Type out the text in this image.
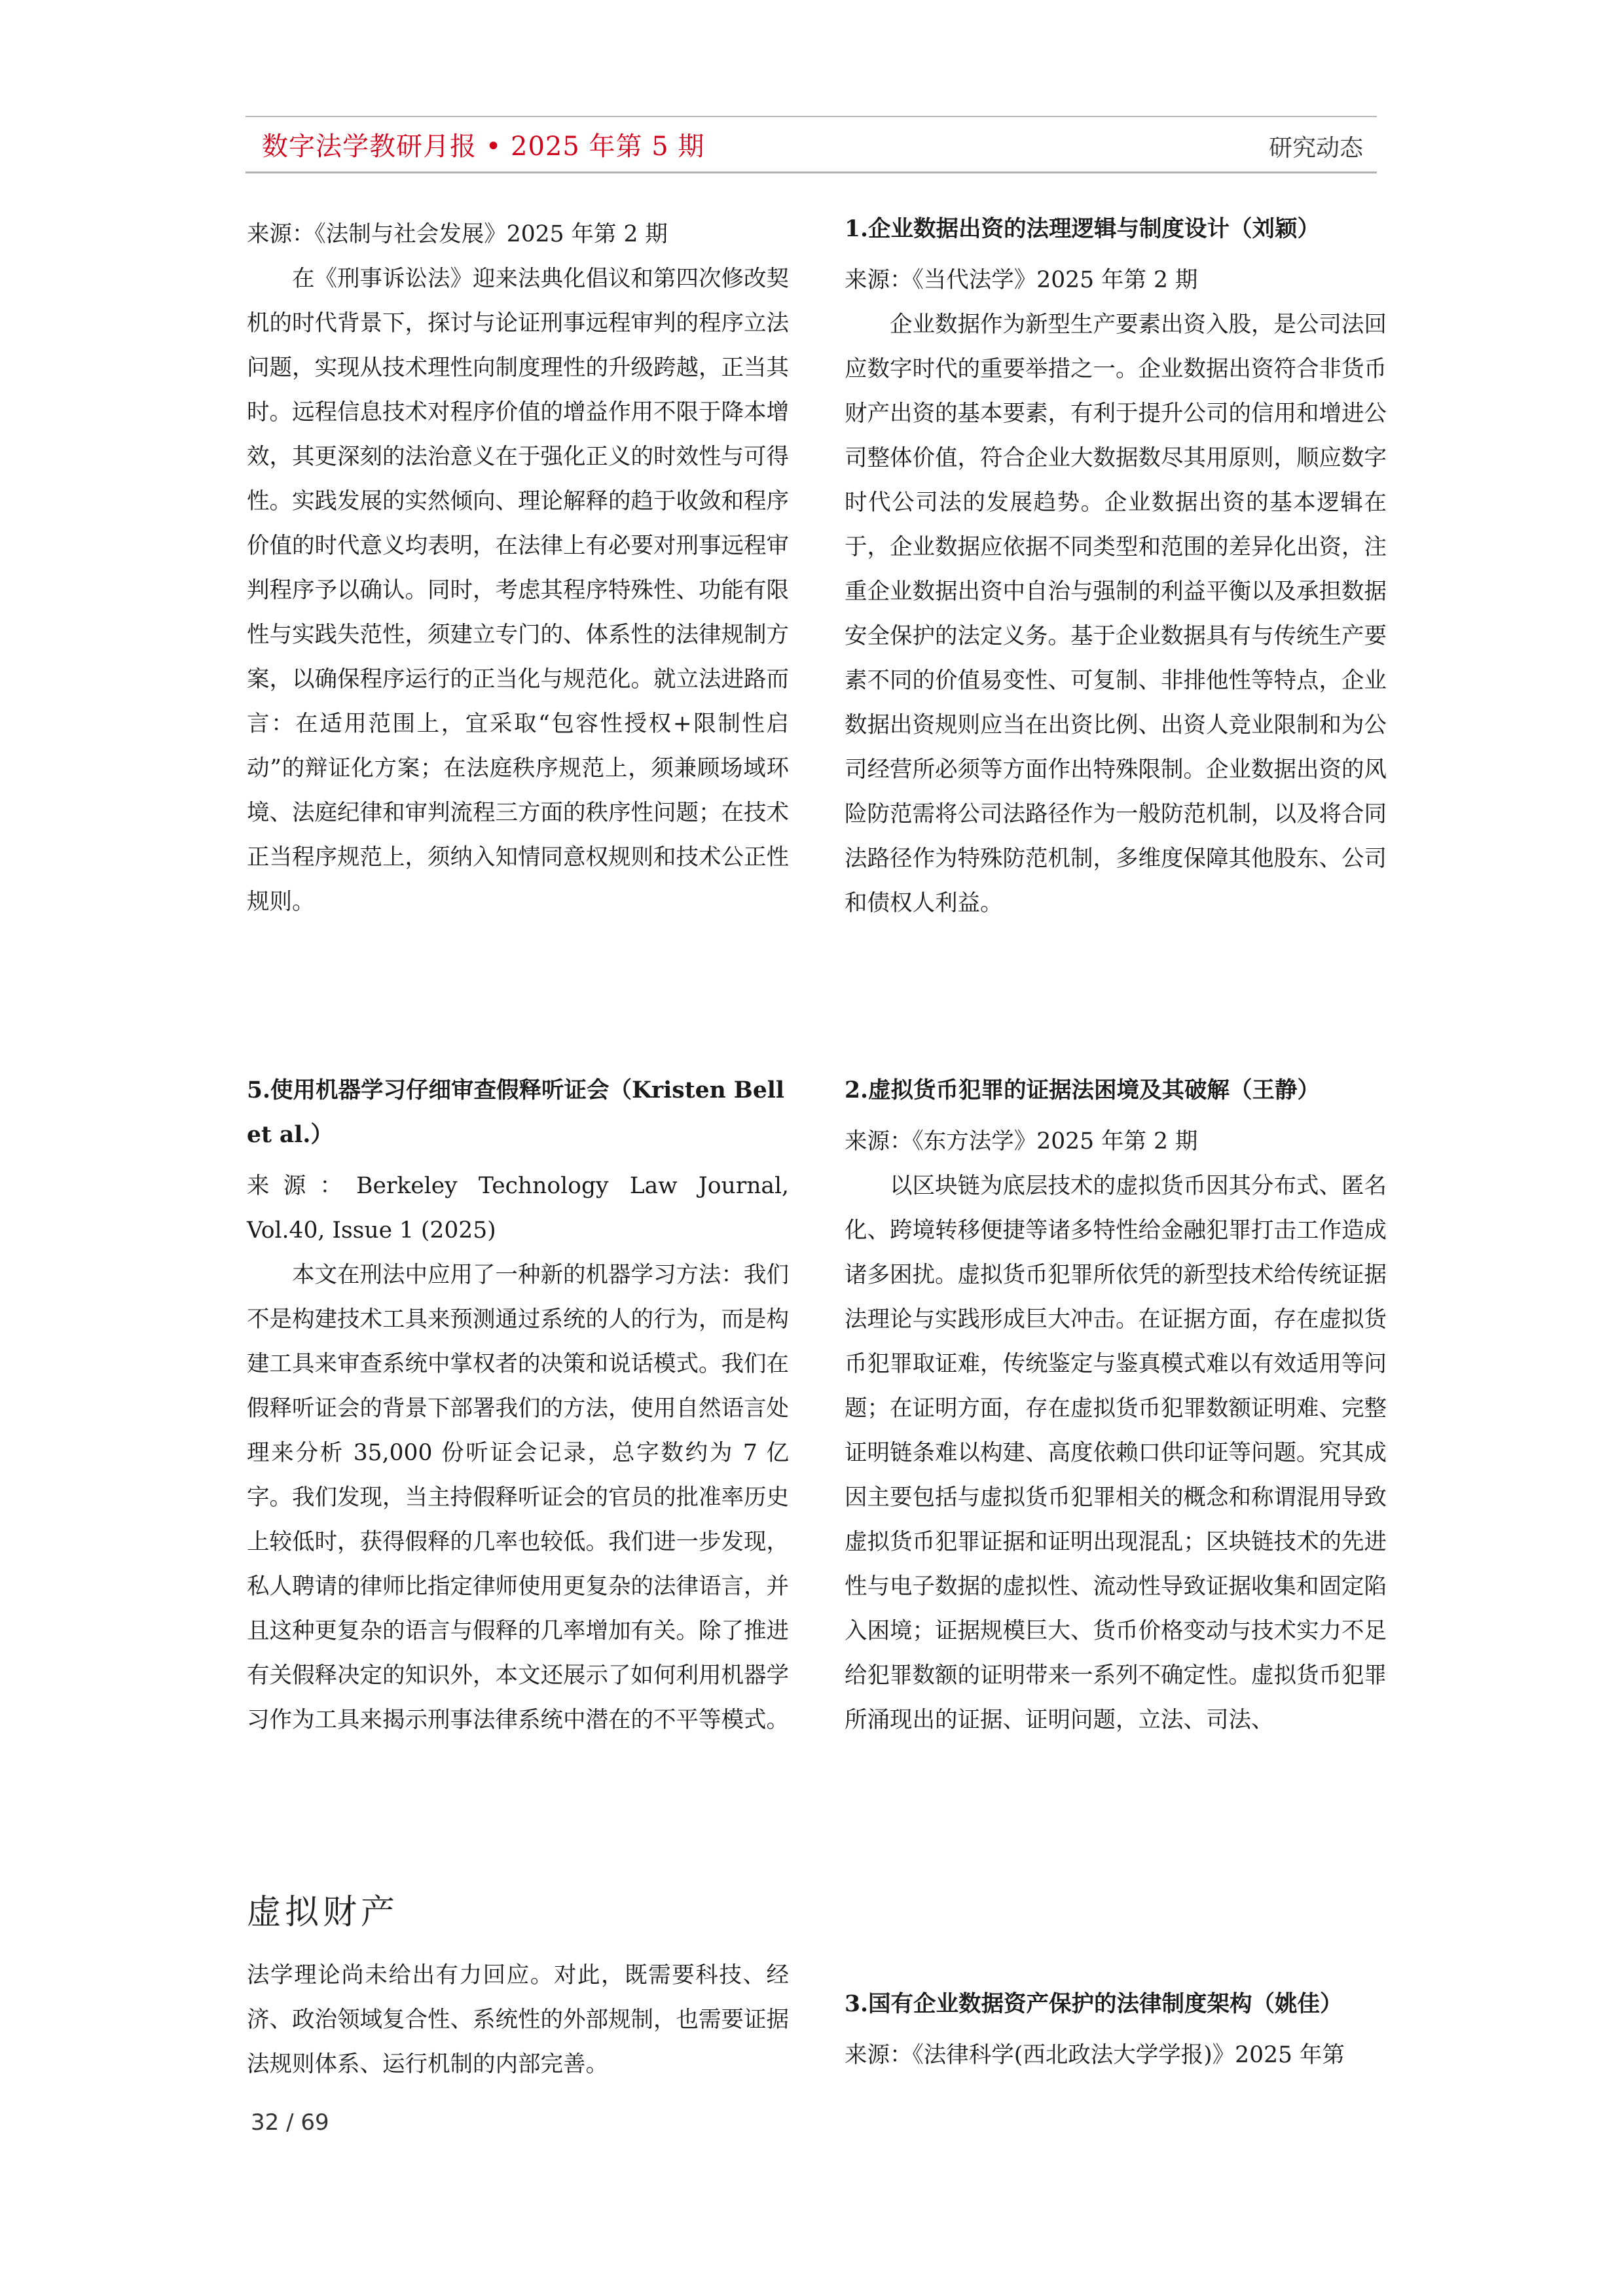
数字法学教研月报 • 2025 年第 5 期	研究动态

来源：《法制与社会发展》2025 年第 2 期

在《刑事诉讼法》迎来法典化倡议和第四次修改契机的时代背景下，探讨与论证刑事远程审判的程序立法问题，实现从技术理性向制度理性的升级跨越，正当其时。远程信息技术对程序价值的增益作用不限于降本增效，其更深刻的法治意义在于强化正义的时效性与可得性。实践发展的实然倾向、理论解释的趋于收敛和程序价值的时代意义均表明，在法律上有必要对刑事远程审判程序予以确认。同时，考虑其程序特殊性、功能有限性与实践失范性，须建立专门的、体系性的法律规制方案，以确保程序运行的正当化与规范化。就立法进路而言：在适用范围上，宜采取“包容性授权+限制性启动”的辩证化方案；在法庭秩序规范上，须兼顾场域环境、法庭纪律和审判流程三方面的秩序性问题；在技术正当程序规范上，须纳入知情同意权规则和技术公正性规则。

5.使用机器学习仔细审查假释听证会（Kristen Bell et al.）

来源：Berkeley Technology Law Journal, Vol.40, Issue 1 (2025)

本文在刑法中应用了一种新的机器学习方法：我们不是构建技术工具来预测通过系统的人的行为，而是构建工具来审查系统中掌权者的决策和说话模式。我们在假释听证会的背景下部署我们的方法，使用自然语言处理来分析 35,000 份听证会记录，总字数约为 7 亿字。我们发现，当主持假释听证会的官员的批准率历史上较低时，获得假释的几率也较低。我们进一步发现，私人聘请的律师比指定律师使用更复杂的法律语言，并且这种更复杂的语言与假释的几率增加有关。除了推进有关假释决定的知识外，本文还展示了如何利用机器学习作为工具来揭示刑事法律系统中潜在的不平等模式。

虚拟财产

法学理论尚未给出有力回应。对此，既需要科技、经济、政治领域复合性、系统性的外部规制，也需要证据法规则体系、运行机制的内部完善。

1.企业数据出资的法理逻辑与制度设计（刘颖）

来源：《当代法学》2025 年第 2 期

企业数据作为新型生产要素出资入股，是公司法回应数字时代的重要举措之一。企业数据出资符合非货币财产出资的基本要素，有利于提升公司的信用和增进公司整体价值，符合企业大数据数尽其用原则，顺应数字时代公司法的发展趋势。企业数据出资的基本逻辑在于，企业数据应依据不同类型和范围的差异化出资，注重企业数据出资中自治与强制的利益平衡以及承担数据安全保护的法定义务。基于企业数据具有与传统生产要素不同的价值易变性、可复制、非排他性等特点，企业数据出资规则应当在出资比例、出资人竞业限制和为公司经营所必须等方面作出特殊限制。企业数据出资的风险防范需将公司法路径作为一般防范机制，以及将合同法路径作为特殊防范机制，多维度保障其他股东、公司和债权人利益。

2.虚拟货币犯罪的证据法困境及其破解（王静）

来源：《东方法学》2025 年第 2 期

以区块链为底层技术的虚拟货币因其分布式、匿名化、跨境转移便捷等诸多特性给金融犯罪打击工作造成诸多困扰。虚拟货币犯罪所依凭的新型技术给传统证据法理论与实践形成巨大冲击。在证据方面，存在虚拟货币犯罪取证难，传统鉴定与鉴真模式难以有效适用等问题；在证明方面，存在虚拟货币犯罪数额证明难、完整证明链条难以构建、高度依赖口供印证等问题。究其成因主要包括与虚拟货币犯罪相关的概念和称谓混用导致虚拟货币犯罪证据和证明出现混乱；区块链技术的先进性与电子数据的虚拟性、流动性导致证据收集和固定陷入困境；证据规模巨大、货币价格变动与技术实力不足给犯罪数额的证明带来一系列不确定性。虚拟货币犯罪所涌现出的证据、证明问题，立法、司法、

3.国有企业数据资产保护的法律制度架构（姚佳）

来源：《法律科学(西北政法大学学报)》2025 年第

32 / 69
